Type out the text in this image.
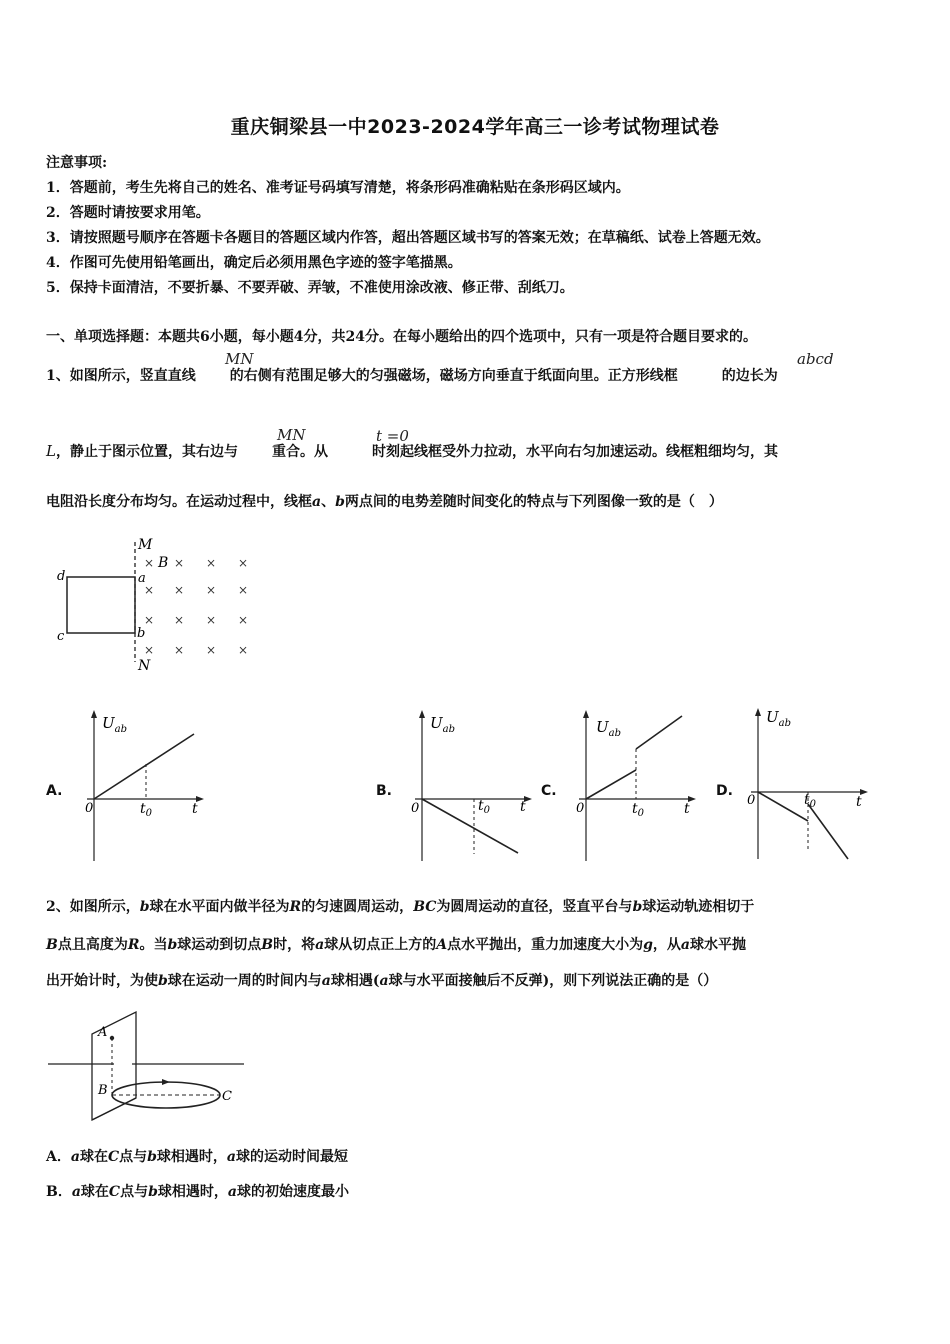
重庆铜梁县一中2023-2024学年高三一诊考试物理试卷
注意事项:
1．答题前，考生先将自己的姓名、准考证号码填写清楚，将条形码准确粘贴在条形码区域内。
2．答题时请按要求用笔。
3．请按照题号顺序在答题卡各题目的答题区域内作答，超出答题区域书写的答案无效；在草稿纸、试卷上答题无效。
4．作图可先使用铅笔画出，确定后必须用黑色字迹的签字笔描黑。
5．保持卡面清洁，不要折暴、不要弄破、弄皱，不准使用涂改液、修正带、刮纸刀。
一、单项选择题：本题共6小题，每小题4分，共24分。在每小题给出的四个选项中，只有一项是符合题目要求的。
1、如图所示，竖直直线 的右侧有范围足够大的匀强磁场，磁场方向垂直于纸面向里。正方形线框	的边长为
MN	abcd
L，静止于图示位置，其右边与 重合。从	时刻起线框受外力拉动，水平向右匀加速运动。线框粗细均匀，其
MN	t =0
电阻沿长度分布均匀。在运动过程中，线框a、b两点间的电势差随时间变化的特点与下列图像一致的是（　）
M
N
a
b
c
d
B
×	× ×
× × × ×
× × × ×
× × × ×
×
A.
$U_{ab}$
0	$t_0$	t
B.
$U_{ab}$
0	$t_0$ t
C.
$U_{ab}$
0	$t_0$	t
D.
$U_{ab}$
0	$t_0$	t
2、如图所示，b球在水平面内做半径为R的匀速圆周运动，BC为圆周运动的直径，竖直平台与b球运动轨迹相切于
B点且高度为R。当b球运动到切点B时，将a球从切点正上方的A点水平抛出，重力加速度大小为g，从a球水平抛
出开始计时，为使b球在运动一周的时间内与a球相遇(a球与水平面接触后不反弹)，则下列说法正确的是（）
A
B	C
A．a球在C点与b球相遇时，a球的运动时间最短
B．a球在C点与b球相遇时，a球的初始速度最小
